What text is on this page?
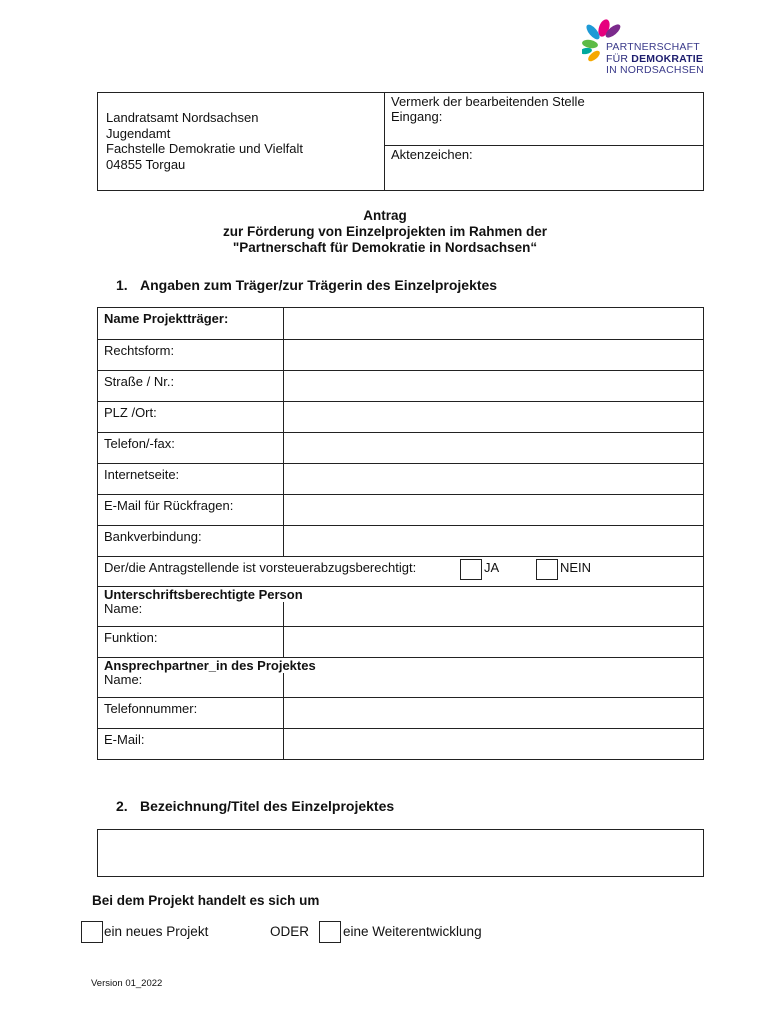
PARTNERSCHAFT
FÜR DEMOKRATIE
IN NORDSACHSEN
Landratsamt Nordsachsen
Jugendamt
Fachstelle Demokratie und Vielfalt
04855 Torgau
Vermerk der bearbeitenden Stelle
Eingang:
Aktenzeichen:
Antrag
zur Förderung von Einzelprojekten im Rahmen der
"Partnerschaft für Demokratie in Nordsachsen“
1. Angaben zum Träger/zur Trägerin des Einzelprojektes
Name Projektträger:
Rechtsform:
Straße / Nr.:
PLZ /Ort:
Telefon/-fax:
Internetseite:
E-Mail für Rückfragen:
Bankverbindung:
Der/die Antragstellende ist vorsteuerabzugsberechtigt:	JA	NEIN
Unterschriftsberechtigte Person
Name:
Funktion:
Ansprechpartner_in des Projektes
Name:
Telefonnummer:
E-Mail:
2. Bezeichnung/Titel des Einzelprojektes
Bei dem Projekt handelt es sich um
ein neues Projekt	ODER	eine Weiterentwicklung
Version 01_2022
